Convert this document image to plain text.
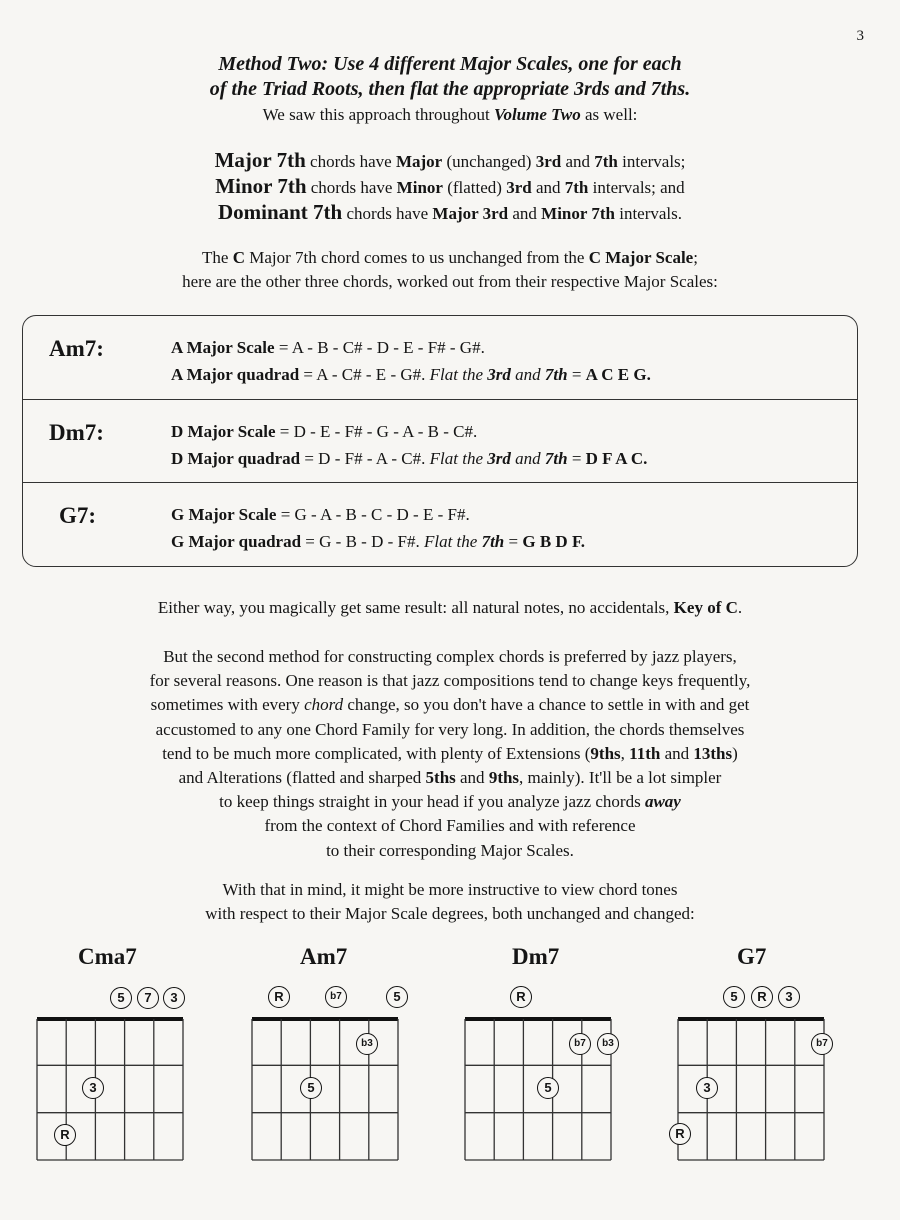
3
Method Two: Use 4 different Major Scales, one for each
of the Triad Roots, then flat the appropriate 3rds and 7ths.
We saw this approach throughout Volume Two as well:
Major 7th chords have Major (unchanged) 3rd and 7th intervals;
Minor 7th chords have Minor (flatted) 3rd and 7th intervals; and
Dominant 7th chords have Major 3rd and Minor 7th intervals.
The C Major 7th chord comes to us unchanged from the C Major Scale;
here are the other three chords, worked out from their respective Major Scales:
Am7:	A Major Scale = A - B - C# - D - E - F# - G#.
A Major quadrad = A - C# - E - G#. Flat the 3rd and 7th = A C E G.
Dm7:	D Major Scale = D - E - F# - G - A - B - C#.
D Major quadrad = D - F# - A - C#. Flat the 3rd and 7th = D F A C.
G7:	G Major Scale = G - A - B - C - D - E - F#.
G Major quadrad = G - B - D - F#. Flat the 7th = G B D F.
Either way, you magically get same result: all natural notes, no accidentals, Key of C.
But the second method for constructing complex chords is preferred by jazz players,
for several reasons. One reason is that jazz compositions tend to change keys frequently,
sometimes with every chord change, so you don't have a chance to settle in with and get
accustomed to any one Chord Family for very long. In addition, the chords themselves
tend to be much more complicated, with plenty of Extensions (9ths, 11th and 13ths)
and Alterations (flatted and sharped 5ths and 9ths, mainly). It'll be a lot simpler
to keep things straight in your head if you analyze jazz chords away
from the context of Chord Families and with reference
to their corresponding Major Scales.
With that in mind, it might be more instructive to view chord tones
with respect to their Major Scale degrees, both unchanged and changed:
Cma7	Am7	Dm7	G7
5	7	3
3
R
R	b7	5
b3
5
R
b7	b3
5
5	R	3
b7
3
R
